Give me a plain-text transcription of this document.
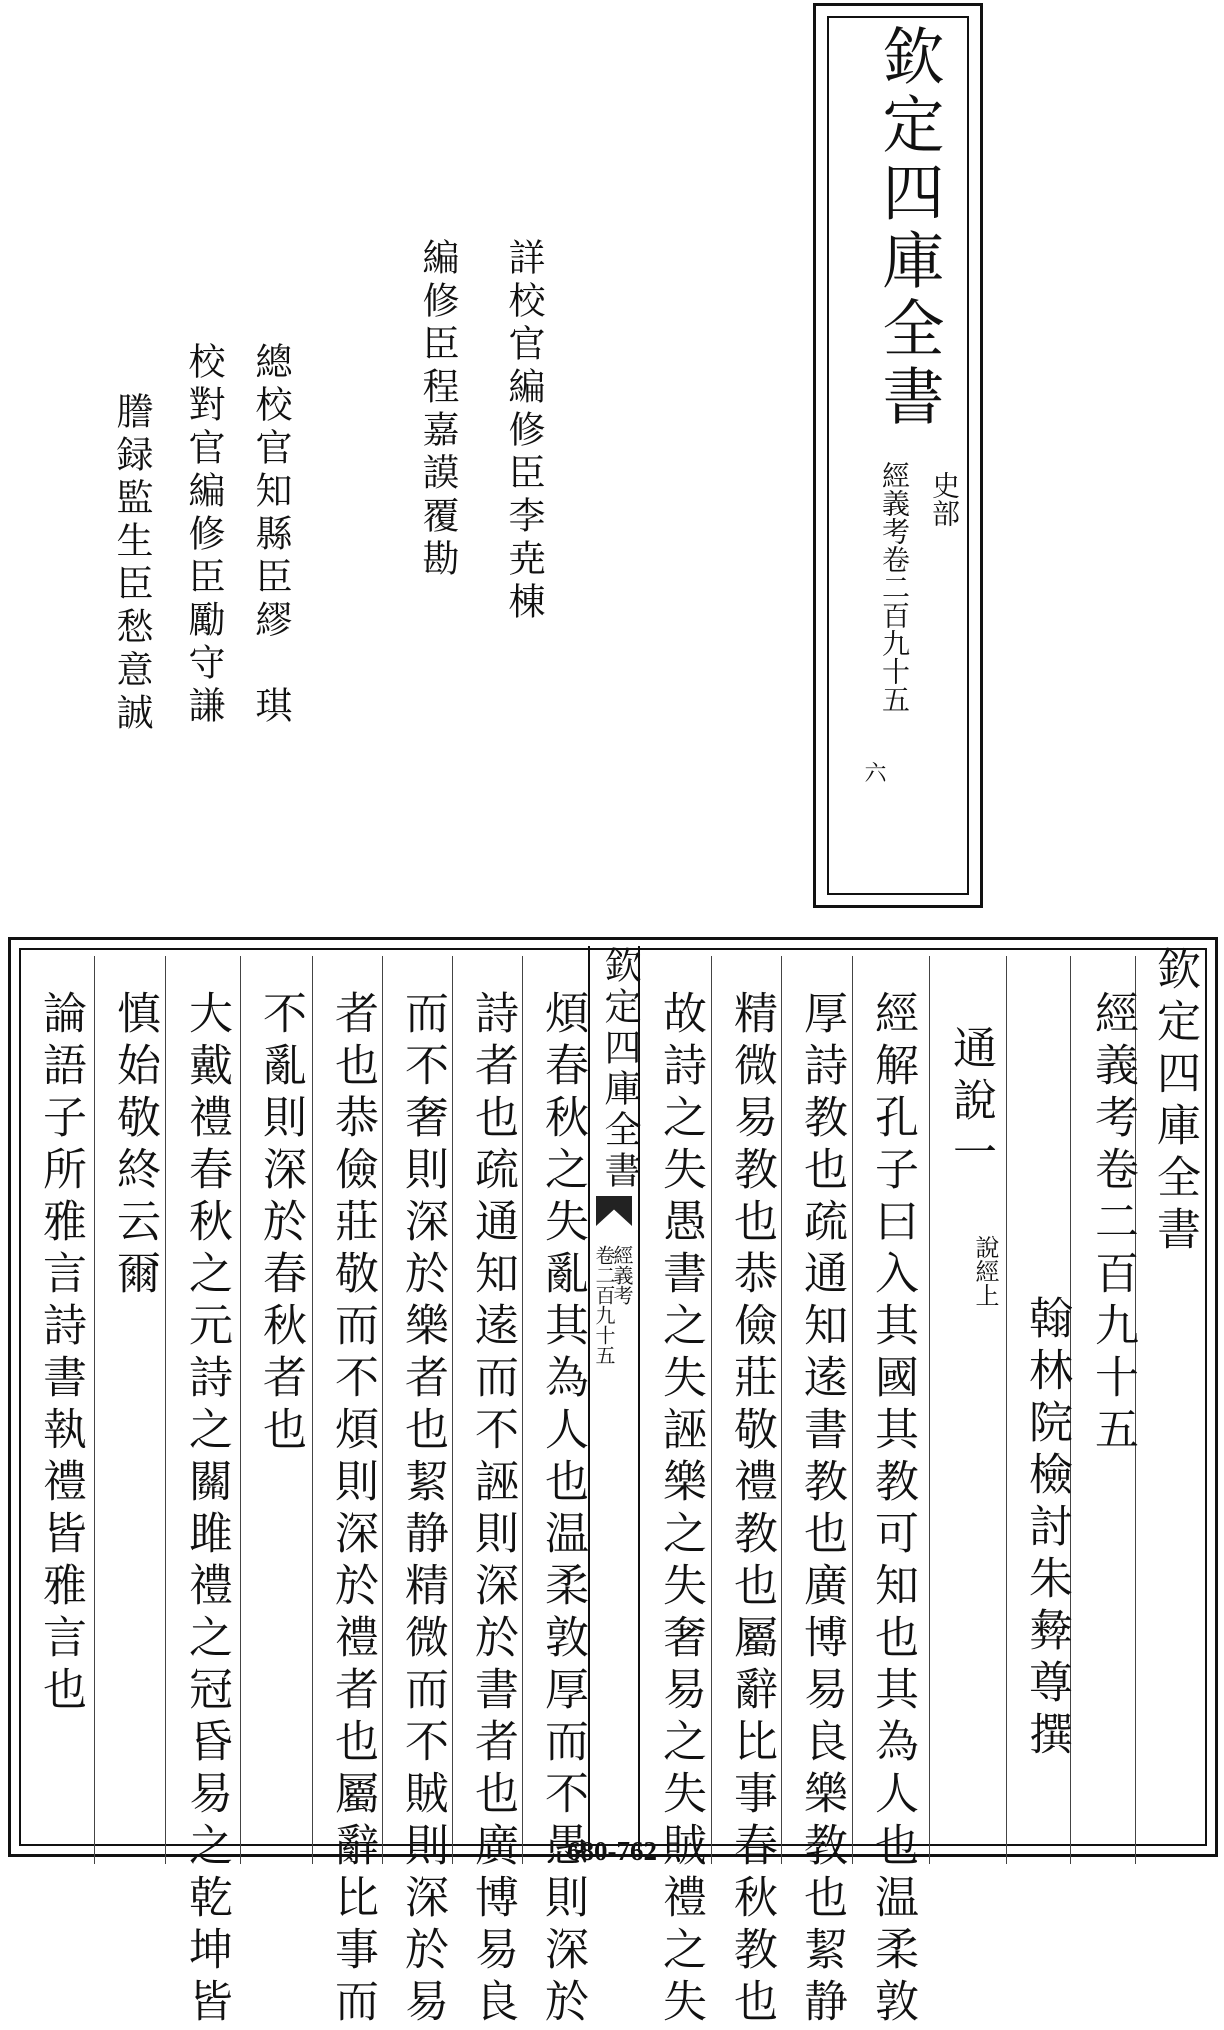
欽定四庫全書
史部
經義考卷二百九十五
六
詳校官編修臣李尭棟
編修臣程嘉謨覆勘
總校官知縣臣繆　琪
校對官編修臣勵守謙
謄録監生臣愁意誠
欽定四庫全書
經義考卷二百九十五
翰林院檢討朱彜尊撰
通說一
說經上
經解孔子曰入其國其教可知也其為人也温柔敦
厚詩教也疏通知逺書教也廣博易良樂教也絜静
精微易教也恭儉莊敬禮教也屬辭比事春秋教也
故詩之失愚書之失誣樂之失奢易之失賊禮之失
欽定四庫全書
經義考
卷二百九十五
煩春秋之失亂其為人也温柔敦厚而不愚則深於
詩者也疏通知逺而不誣則深於書者也廣博易良
而不奢則深於樂者也絜静精微而不賊則深於易
者也恭儉莊敬而不煩則深於禮者也屬辭比事而
不亂則深於春秋者也
大戴禮春秋之元詩之關雎禮之冠昏易之乾坤皆
慎始敬終云爾
論語子所雅言詩書執禮皆雅言也
680-762
